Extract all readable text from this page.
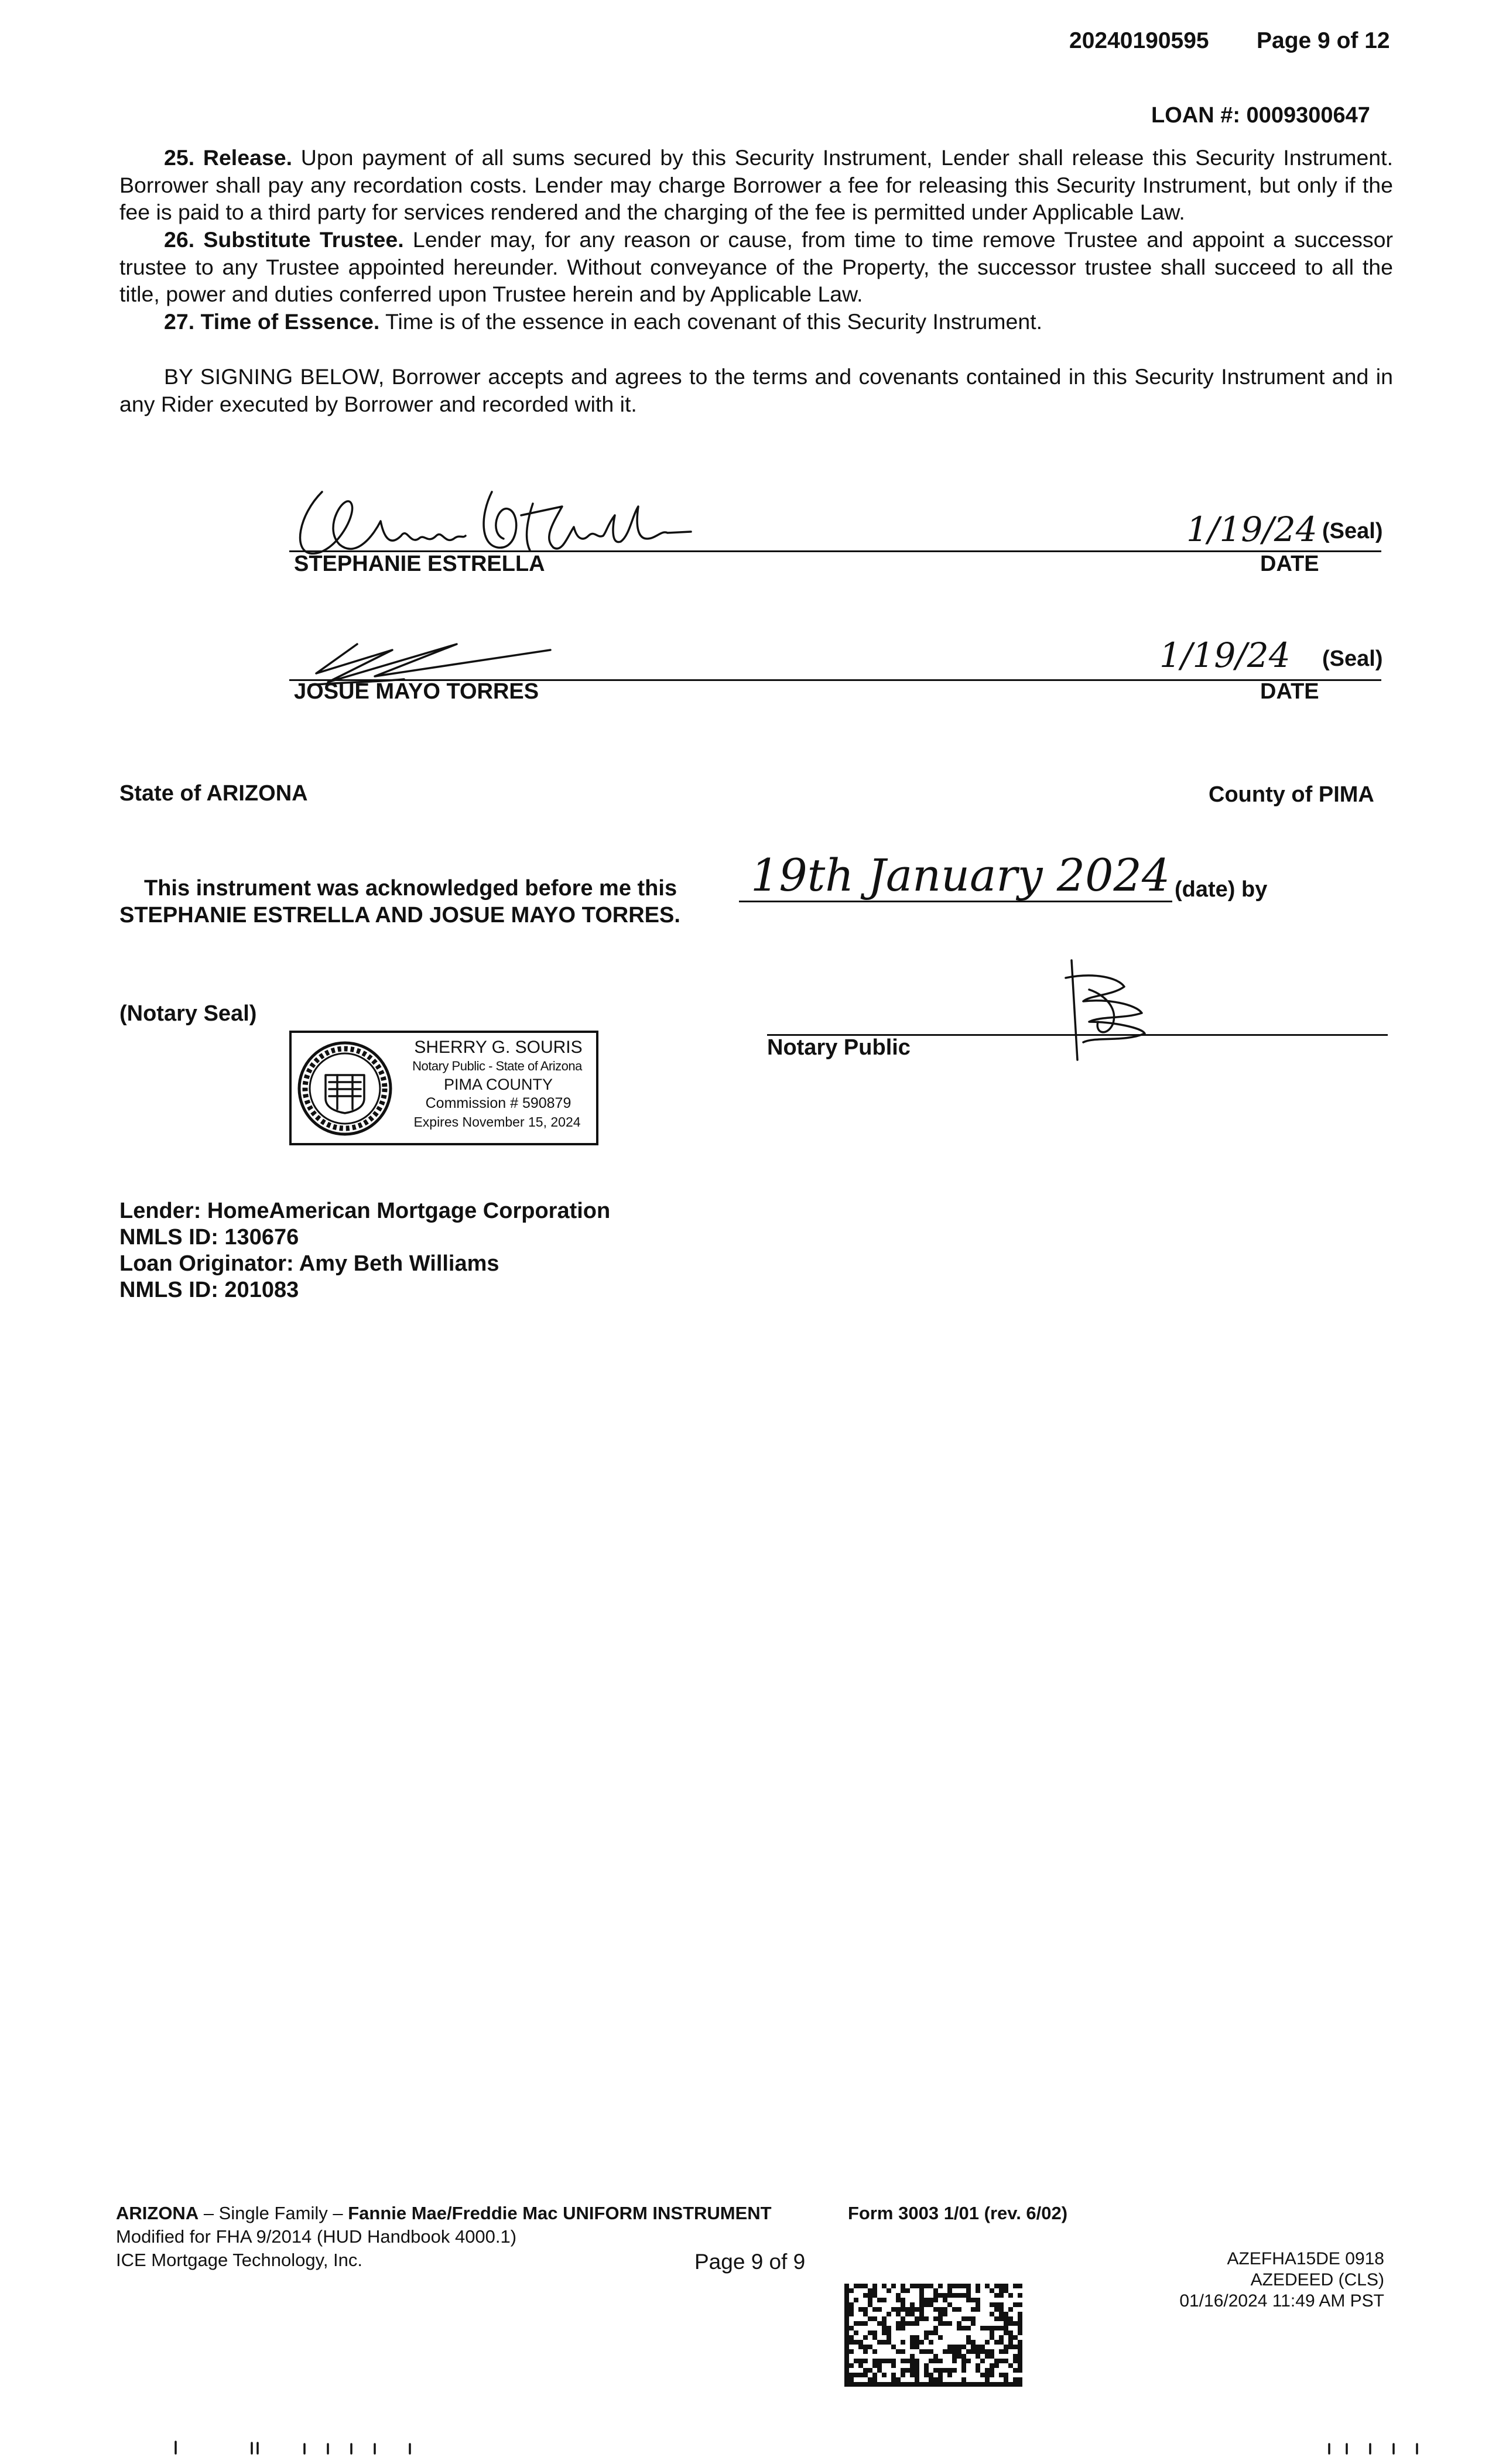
20240190595 Page 9 of 12
LOAN #: 0009300647
25. Release. Upon payment of all sums secured by this Security Instrument, Lender shall release this Security Instrument. Borrower shall pay any recordation costs. Lender may charge Borrower a fee for releasing this Security Instrument, but only if the fee is paid to a third party for services rendered and the charging of the fee is permitted under Applicable Law.
26. Substitute Trustee. Lender may, for any reason or cause, from time to time remove Trustee and appoint a successor trustee to any Trustee appointed hereunder. Without conveyance of the Property, the successor trustee shall succeed to all the title, power and duties conferred upon Trustee herein and by Applicable Law.
27. Time of Essence. Time is of the essence in each covenant of this Security Instrument.
BY SIGNING BELOW, Borrower accepts and agrees to the terms and covenants contained in this Security Instrument and in any Rider executed by Borrower and recorded with it.
STEPHANIE ESTRELLA
1/19/24 (Seal)
DATE
JOSUE MAYO TORRES
1/19/24 (Seal)
DATE
State of ARIZONA	County of PIMA
This instrument was acknowledged before me this 19th January 2024 (date) by
STEPHANIE ESTRELLA AND JOSUE MAYO TORRES.
(Notary Seal)
SHERRY G. SOURIS
Notary Public - State of Arizona
PIMA COUNTY
Commission # 590879
Expires November 15, 2024
Notary Public
Lender: HomeAmerican Mortgage Corporation
NMLS ID: 130676
Loan Originator: Amy Beth Williams
NMLS ID: 201083
ARIZONA – Single Family – Fannie Mae/Freddie Mac UNIFORM INSTRUMENT	Form 3003 1/01 (rev. 6/02)
Modified for FHA 9/2014 (HUD Handbook 4000.1)
ICE Mortgage Technology, Inc.	Page 9 of 9	AZEFHA15DE 0918
AZEDEED (CLS)
01/16/2024 11:49 AM PST
